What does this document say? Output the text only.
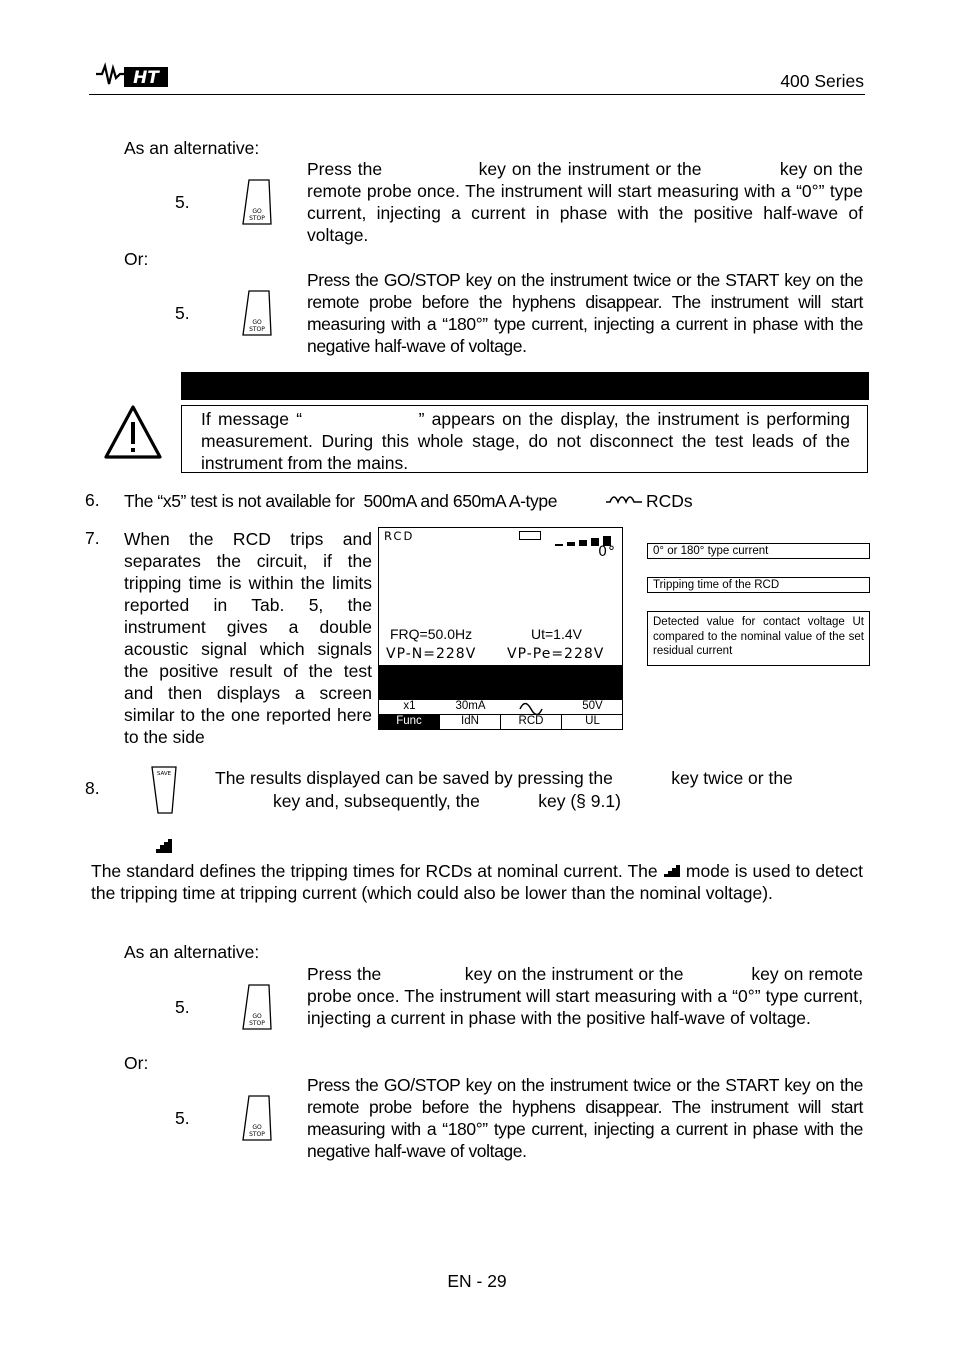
HT	400 Series
As an alternative:
5.	GO
STOP
Press the                key on the instrument or the             key on the remote probe once. The instrument will start measuring with a “0°” type current, injecting a current in phase with the positive half-wave of voltage.
Or:
5.	GO
STOP
Press the GO/STOP key on the instrument twice or the START key on the remote probe before the hyphens disappear. The instrument will start measuring with a “180°” type current, injecting a current in phase with the negative half-wave of voltage.
If message “                ” appears on the display, the instrument is performing measurement. During this whole stage, do not disconnect the test leads of the instrument from the mains.
6. The “x5” test is not available for  500mA and 650mA A-type	RCDs
7. When the RCD trips and separates the circuit, if the tripping time is within the limits reported in Tab. 5, the instrument gives a double acoustic signal which signals the positive result of the test and then displays a screen similar to the one reported here to the side
RCD
0°
FRQ=50.0Hz	Ut=1.4V
VP-N=228V VP-Pe=228V
x1	30mA	50V
Func	IdN	RCD	UL
0° or 180° type current
Tripping time of the RCD
Detected value for contact voltage Ut compared to the nominal value of the set residual current
8.
SAVE	The results displayed can be saved by pressing the            key twice or the
key and, subsequently, the            key (§ 9.1)
The standard defines the tripping times for RCDs at nominal current. The mode is used to detect the tripping time at tripping current (which could also be lower than the nominal voltage).
As an alternative:
5.	GO
STOP
Press the                key on the instrument or the             key on remote probe once. The instrument will start measuring with a “0°” type current, injecting a current in phase with the positive half-wave of voltage.
Or:
5.	GO
STOP
Press the GO/STOP key on the instrument twice or the START key on the remote probe before the hyphens disappear. The instrument will start measuring with a “180°” type current, injecting a current in phase with the negative half-wave of voltage.
EN - 29
